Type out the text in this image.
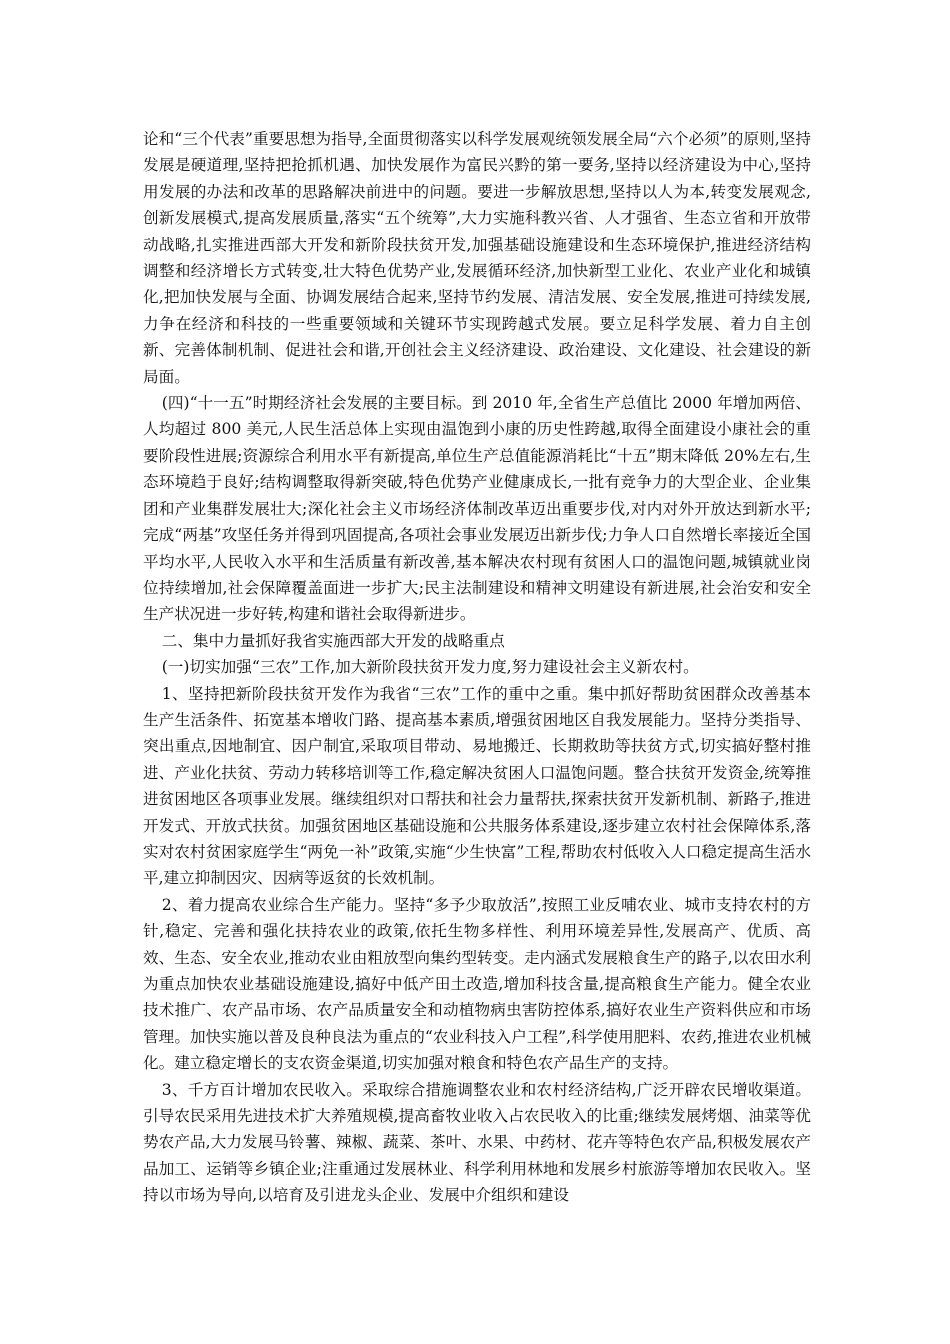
论和“三个代表”重要思想为指导,全面贯彻落实以科学发展观统领发展全局“六个必须”的原则,坚持发展是硬道理,坚持把抢抓机遇、加快发展作为富民兴黔的第一要务,坚持以经济建设为中心,坚持用发展的办法和改革的思路解决前进中的问题。要进一步解放思想,坚持以人为本,转变发展观念,创新发展模式,提高发展质量,落实“五个统筹”,大力实施科教兴省、人才强省、生态立省和开放带动战略,扎实推进西部大开发和新阶段扶贫开发,加强基础设施建设和生态环境保护,推进经济结构调整和经济增长方式转变,壮大特色优势产业,发展循环经济,加快新型工业化、农业产业化和城镇化,把加快发展与全面、协调发展结合起来,坚持节约发展、清洁发展、安全发展,推进可持续发展,力争在经济和科技的一些重要领域和关键环节实现跨越式发展。要立足科学发展、着力自主创新、完善体制机制、促进社会和谐,开创社会主义经济建设、政治建设、文化建设、社会建设的新局面。

(四)“十一五”时期经济社会发展的主要目标。到 2010 年,全省生产总值比 2000 年增加两倍、人均超过 800 美元,人民生活总体上实现由温饱到小康的历史性跨越,取得全面建设小康社会的重要阶段性进展;资源综合利用水平有新提高,单位生产总值能源消耗比“十五”期末降低 20%左右,生态环境趋于良好;结构调整取得新突破,特色优势产业健康成长,一批有竞争力的大型企业、企业集团和产业集群发展壮大;深化社会主义市场经济体制改革迈出重要步伐,对内对外开放达到新水平;完成“两基”攻坚任务并得到巩固提高,各项社会事业发展迈出新步伐;力争人口自然增长率接近全国平均水平,人民收入水平和生活质量有新改善,基本解决农村现有贫困人口的温饱问题,城镇就业岗位持续增加,社会保障覆盖面进一步扩大;民主法制建设和精神文明建设有新进展,社会治安和安全生产状况进一步好转,构建和谐社会取得新进步。

二、集中力量抓好我省实施西部大开发的战略重点

(一)切实加强“三农”工作,加大新阶段扶贫开发力度,努力建设社会主义新农村。

1、坚持把新阶段扶贫开发作为我省“三农”工作的重中之重。集中抓好帮助贫困群众改善基本生产生活条件、拓宽基本增收门路、提高基本素质,增强贫困地区自我发展能力。坚持分类指导、突出重点,因地制宜、因户制宜,采取项目带动、易地搬迁、长期救助等扶贫方式,切实搞好整村推进、产业化扶贫、劳动力转移培训等工作,稳定解决贫困人口温饱问题。整合扶贫开发资金,统筹推进贫困地区各项事业发展。继续组织对口帮扶和社会力量帮扶,探索扶贫开发新机制、新路子,推进开发式、开放式扶贫。加强贫困地区基础设施和公共服务体系建设,逐步建立农村社会保障体系,落实对农村贫困家庭学生“两免一补”政策,实施“少生快富”工程,帮助农村低收入人口稳定提高生活水平,建立抑制因灾、因病等返贫的长效机制。

2、着力提高农业综合生产能力。坚持“多予少取放活”,按照工业反哺农业、城市支持农村的方针,稳定、完善和强化扶持农业的政策,依托生物多样性、利用环境差异性,发展高产、优质、高效、生态、安全农业,推动农业由粗放型向集约型转变。走内涵式发展粮食生产的路子,以农田水利为重点加快农业基础设施建设,搞好中低产田土改造,增加科技含量,提高粮食生产能力。健全农业技术推广、农产品市场、农产品质量安全和动植物病虫害防控体系,搞好农业生产资料供应和市场管理。加快实施以普及良种良法为重点的“农业科技入户工程”,科学使用肥料、农药,推进农业机械化。建立稳定增长的支农资金渠道,切实加强对粮食和特色农产品生产的支持。

3、千方百计增加农民收入。采取综合措施调整农业和农村经济结构,广泛开辟农民增收渠道。引导农民采用先进技术扩大养殖规模,提高畜牧业收入占农民收入的比重;继续发展烤烟、油菜等优势农产品,大力发展马铃薯、辣椒、蔬菜、茶叶、水果、中药材、花卉等特色农产品,积极发展农产品加工、运销等乡镇企业;注重通过发展林业、科学利用林地和发展乡村旅游等增加农民收入。坚持以市场为导向,以培育及引进龙头企业、发展中介组织和建设
